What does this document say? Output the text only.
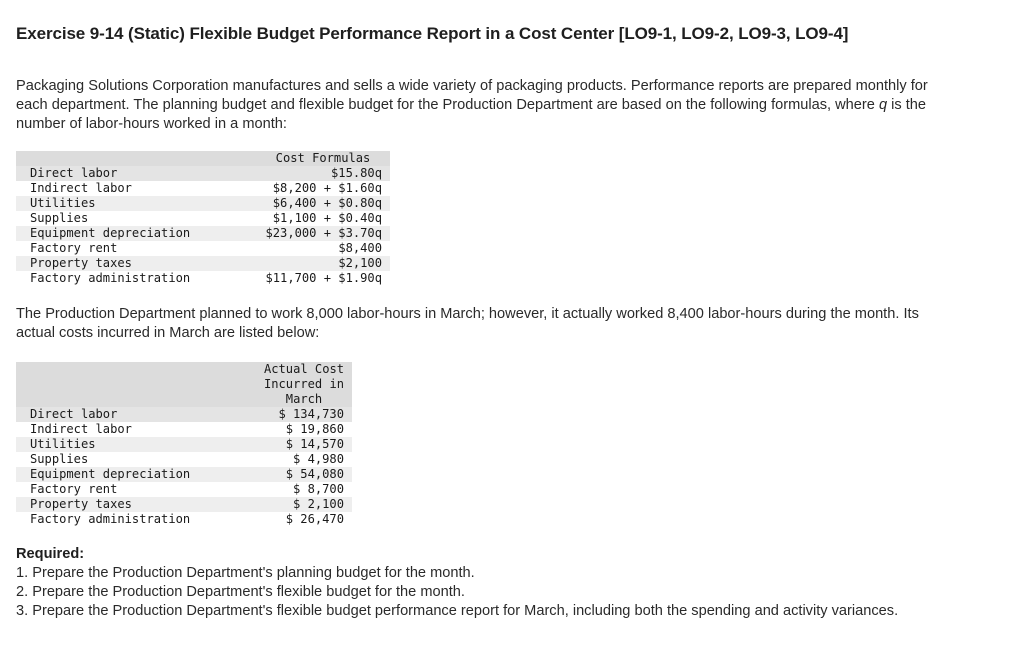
Exercise 9-14 (Static) Flexible Budget Performance Report in a Cost Center [LO9-1, LO9-2, LO9-3, LO9-4]
Packaging Solutions Corporation manufactures and sells a wide variety of packaging products. Performance reports are prepared monthly for each department. The planning budget and flexible budget for the Production Department are based on the following formulas, where q is the number of labor-hours worked in a month:
Cost Formulas
Direct labor	$15.80q
Indirect labor	$8,200 + $1.60q
Utilities	$6,400 + $0.80q
Supplies	$1,100 + $0.40q
Equipment depreciation	$23,000 + $3.70q
Factory rent	$8,400
Property taxes	$2,100
Factory administration	$11,700 + $1.90q
The Production Department planned to work 8,000 labor-hours in March; however, it actually worked 8,400 labor-hours during the month. Its actual costs incurred in March are listed below:
Actual Cost
Incurred in
March
Direct labor	$ 134,730
Indirect labor	$ 19,860
Utilities	$ 14,570
Supplies	$ 4,980
Equipment depreciation	$ 54,080
Factory rent	$ 8,700
Property taxes	$ 2,100
Factory administration	$ 26,470
Required:
1. Prepare the Production Department's planning budget for the month.
2. Prepare the Production Department's flexible budget for the month.
3. Prepare the Production Department's flexible budget performance report for March, including both the spending and activity variances.
